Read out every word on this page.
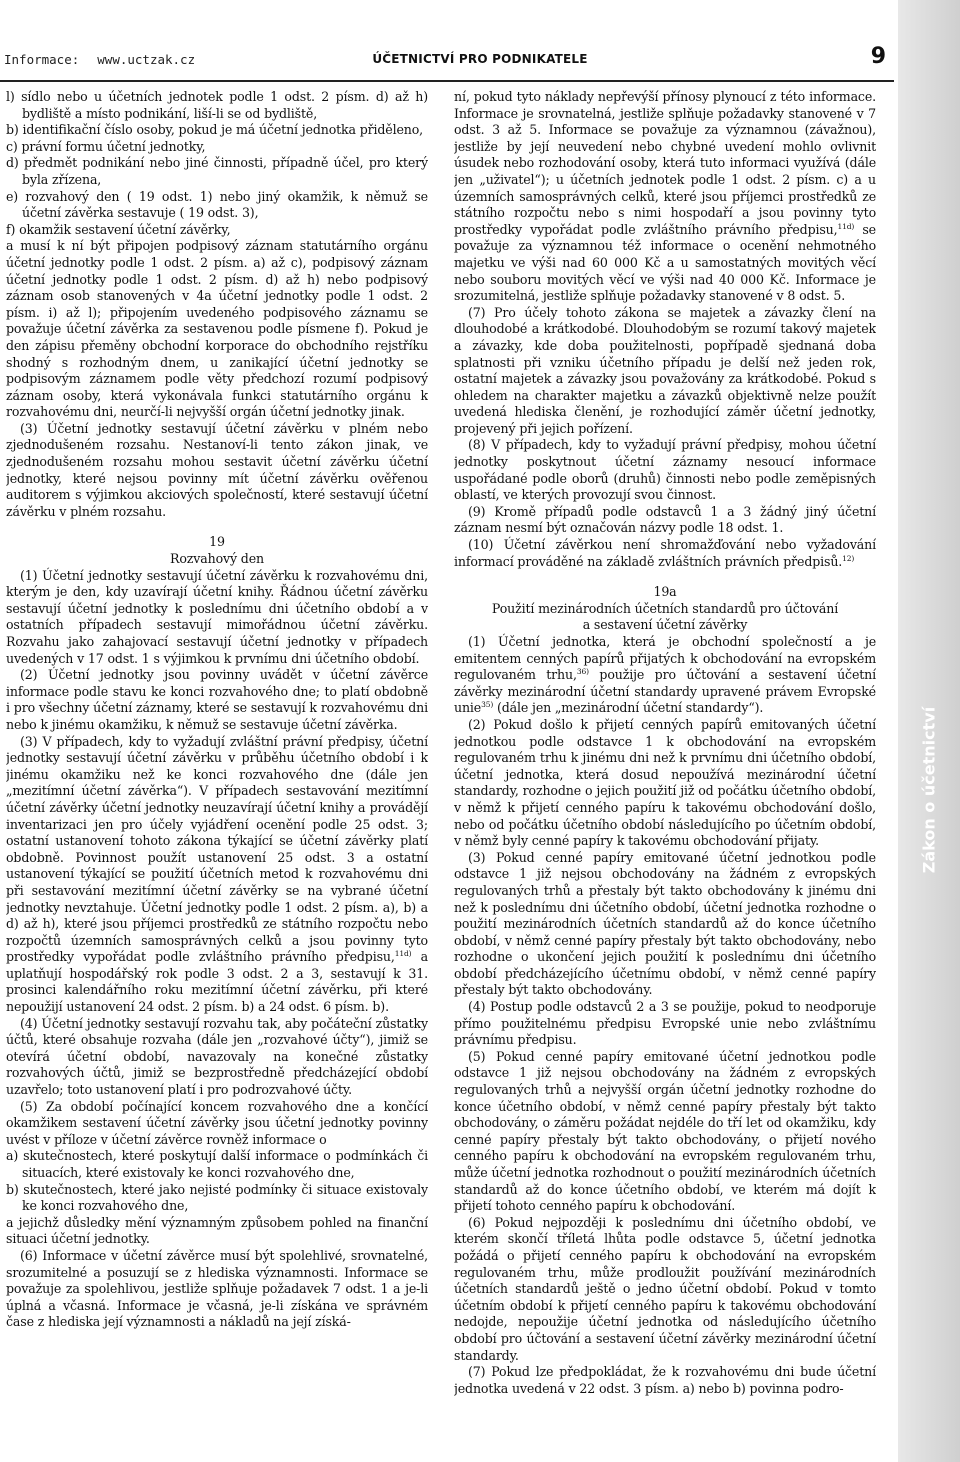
Informace: www.uctzak.cz	ÚČETNICTVÍ PRO PODNIKATELE	9
Zákon o účetnictví

l) sídlo nebo u účetních jednotek podle 1 odst. 2 písm. d) až h) bydliště a místo podnikání, liší-li se od bydliště,

b) identifikační číslo osoby, pokud je má účetní jednotka přiděleno,

c) právní formu účetní jednotky,

d) předmět podnikání nebo jiné činnosti, případně účel, pro který byla zřízena,

e) rozvahový den ( 19 odst. 1) nebo jiný okamžik, k němuž se účetní závěrka sestavuje ( 19 odst. 3),

f) okamžik sestavení účetní závěrky,

a musí k ní být připojen podpisový záznam statutárního orgánu účetní jednotky podle 1 odst. 2 písm. a) až c), podpisový záznam účetní jednotky podle 1 odst. 2 písm. d) až h) nebo podpisový záznam osob stanovených v 4a účetní jednotky podle 1 odst. 2 písm. i) až l); připojením uvedeného podpisového záznamu se považuje účetní závěrka za sestavenou podle písmene f). Pokud je den zápisu přeměny obchodní korporace do obchodního rejstříku shodný s rozhodným dnem, u zanikající účetní jednotky se podpisovým záznamem podle věty předchozí rozumí podpisový záznam osoby, která vykonávala funkci statutárního orgánu k rozvahovému dni, neurčí-li nejvyšší orgán účetní jednotky jinak.

(3) Účetní jednotky sestavují účetní závěrku v plném nebo zjednodušeném rozsahu. Nestanoví-li tento zákon jinak, ve zjednodušeném rozsahu mohou sestavit účetní závěrku účetní jednotky, které nejsou povinny mít účetní závěrku ověřenou auditorem s výjimkou akciových společností, které sestavují účetní závěrku v plném rozsahu.

19

Rozvahový den

(1) Účetní jednotky sestavují účetní závěrku k rozvahovému dni, kterým je den, kdy uzavírají účetní knihy. Řádnou účetní závěrku sestavují účetní jednotky k poslednímu dni účetního období a v ostatních případech sestavují mimořádnou účetní závěrku. Rozvahu jako zahajovací sestavují účetní jednotky v případech uvedených v 17 odst. 1 s výjimkou k prvnímu dni účetního období.

(2) Účetní jednotky jsou povinny uvádět v účetní závěrce informace podle stavu ke konci rozvahového dne; to platí obdobně i pro všechny účetní záznamy, které se sestavují k rozvahovému dni nebo k jinému okamžiku, k němuž se sestavuje účetní závěrka.

(3) V případech, kdy to vyžadují zvláštní právní předpisy, účetní jednotky sestavují účetní závěrku v průběhu účetního období i k jinému okamžiku než ke konci rozvahového dne (dále jen „mezitímní účetní závěrka“). V případech sestavování mezitímní účetní závěrky účetní jednotky neuzavírají účetní knihy a provádějí inventarizaci jen pro účely vyjádření ocenění podle 25 odst. 3; ostatní ustanovení tohoto zákona týkající se účetní závěrky platí obdobně. Povinnost použít ustanovení 25 odst. 3 a ostatní ustanovení týkající se použití účetních metod k rozvahovému dni při sestavování mezitímní účetní závěrky se na vybrané účetní jednotky nevztahuje. Účetní jednotky podle 1 odst. 2 písm. a), b) a d) až h), které jsou příjemci prostředků ze státního rozpočtu nebo rozpočtů územních samosprávných celků a jsou povinny tyto prostředky vypořádat podle zvláštního právního předpisu,$^{11d)}$ a uplatňují hospodářský rok podle 3 odst. 2 a 3, sestavují k 31. prosinci kalendářního roku mezitímní účetní závěrku, při které nepoužijí ustanovení 24 odst. 2 písm. b) a 24 odst. 6 písm. b).

(4) Účetní jednotky sestavují rozvahu tak, aby počáteční zůstatky účtů, které obsahuje rozvaha (dále jen „rozvahové účty“), jimiž se otevírá účetní období, navazovaly na konečné zůstatky rozvahových účtů, jimiž se bezprostředně předcházející období uzavřelo; toto ustanovení platí i pro podrozvahové účty.

(5) Za období počínající koncem rozvahového dne a končící okamžikem sestavení účetní závěrky jsou účetní jednotky povinny uvést v příloze v účetní závěrce rovněž informace o

a) skutečnostech, které poskytují další informace o podmínkách či situacích, které existovaly ke konci rozvahového dne,

b) skutečnostech, které jako nejisté podmínky či situace existovaly ke konci rozvahového dne,

a jejichž důsledky mění významným způsobem pohled na finanční situaci účetní jednotky.

(6) Informace v účetní závěrce musí být spolehlivé, srovnatelné, srozumitelné a posuzují se z hlediska významnosti. Informace se považuje za spolehlivou, jestliže splňuje požadavek 7 odst. 1 a je-li úplná a včasná. Informace je včasná, je-li získána ve správném čase z hlediska její významnosti a nákladů na její získá-

ní, pokud tyto náklady nepřevýší přínosy plynoucí z této informace. Informace je srovnatelná, jestliže splňuje požadavky stanovené v 7 odst. 3 až 5. Informace se považuje za významnou (závažnou), jestliže by její neuvedení nebo chybné uvedení mohlo ovlivnit úsudek nebo rozhodování osoby, která tuto informaci využívá (dále jen „uživatel“); u účetních jednotek podle 1 odst. 2 písm. c) a u územních samosprávných celků, které jsou příjemci prostředků ze státního rozpočtu nebo s nimi hospodaří a jsou povinny tyto prostředky vypořádat podle zvláštního právního předpisu,$^{11d)}$ se považuje za významnou též informace o ocenění nehmotného majetku ve výši nad 60 000 Kč a u samostatných movitých věcí nebo souboru movitých věcí ve výši nad 40 000 Kč. Informace je srozumitelná, jestliže splňuje požadavky stanovené v 8 odst. 5.

(7) Pro účely tohoto zákona se majetek a závazky člení na dlouhodobé a krátkodobé. Dlouhodobým se rozumí takový majetek a závazky, kde doba použitelnosti, popřípadě sjednaná doba splatnosti při vzniku účetního případu je delší než jeden rok, ostatní majetek a závazky jsou považovány za krátkodobé. Pokud s ohledem na charakter majetku a závazků objektivně nelze použít uvedená hlediska členění, je rozhodující záměr účetní jednotky, projevený při jejich pořízení.

(8) V případech, kdy to vyžadují právní předpisy, mohou účetní jednotky poskytnout účetní záznamy nesoucí informace uspořádané podle oborů (druhů) činnosti nebo podle zeměpisných oblastí, ve kterých provozují svou činnost.

(9) Kromě případů podle odstavců 1 a 3 žádný jiný účetní záznam nesmí být označován názvy podle 18 odst. 1.

(10) Účetní závěrkou není shromažďování nebo vyžadování informací prováděné na základě zvláštních právních předpisů.$^{12)}$

19a

Použití mezinárodních účetních standardů pro účtování

a sestavení účetní závěrky

(1) Účetní jednotka, která je obchodní společností a je emitentem cenných papírů přijatých k obchodování na evropském regulovaném trhu,$^{36)}$ použije pro účtování a sestavení účetní závěrky mezinárodní účetní standardy upravené právem Evropské unie$^{35)}$ (dále jen „mezinárodní účetní standardy“).

(2) Pokud došlo k přijetí cenných papírů emitovaných účetní jednotkou podle odstavce 1 k obchodování na evropském regulovaném trhu k jinému dni než k prvnímu dni účetního období, účetní jednotka, která dosud nepoužívá mezinárodní účetní standardy, rozhodne o jejich použití již od počátku účetního období, v němž k přijetí cenného papíru k takovému obchodování došlo, nebo od počátku účetního období následujícího po účetním období, v němž byly cenné papíry k takovému obchodování přijaty.

(3) Pokud cenné papíry emitované účetní jednotkou podle odstavce 1 již nejsou obchodovány na žádném z evropských regulovaných trhů a přestaly být takto obchodovány k jinému dni než k poslednímu dni účetního období, účetní jednotka rozhodne o použití mezinárodních účetních standardů až do konce účetního období, v němž cenné papíry přestaly být takto obchodovány, nebo rozhodne o ukončení jejich použití k poslednímu dni účetního období předcházejícího účetnímu období, v němž cenné papíry přestaly být takto obchodovány.

(4) Postup podle odstavců 2 a 3 se použije, pokud to neodporuje přímo použitelnému předpisu Evropské unie nebo zvláštnímu právnímu předpisu.

(5) Pokud cenné papíry emitované účetní jednotkou podle odstavce 1 již nejsou obchodovány na žádném z evropských regulovaných trhů a nejvyšší orgán účetní jednotky rozhodne do konce účetního období, v němž cenné papíry přestaly být takto obchodovány, o záměru požádat nejdéle do tří let od okamžiku, kdy cenné papíry přestaly být takto obchodovány, o přijetí nového cenného papíru k obchodování na evropském regulovaném trhu, může účetní jednotka rozhodnout o použití mezinárodních účetních standardů až do konce účetního období, ve kterém má dojít k přijetí tohoto cenného papíru k obchodování.

(6) Pokud nejpozději k poslednímu dni účetního období, ve kterém skončí tříletá lhůta podle odstavce 5, účetní jednotka požádá o přijetí cenného papíru k obchodování na evropském regulovaném trhu, může prodloužit používání mezinárodních účetních standardů ještě o jedno účetní období. Pokud v tomto účetním období k přijetí cenného papíru k takovému obchodování nedojde, nepoužije účetní jednotka od následujícího účetního období pro účtování a sestavení účetní závěrky mezinárodní účetní standardy.

(7) Pokud lze předpokládat, že k rozvahovému dni bude účetní jednotka uvedená v 22 odst. 3 písm. a) nebo b) povinna podro-
